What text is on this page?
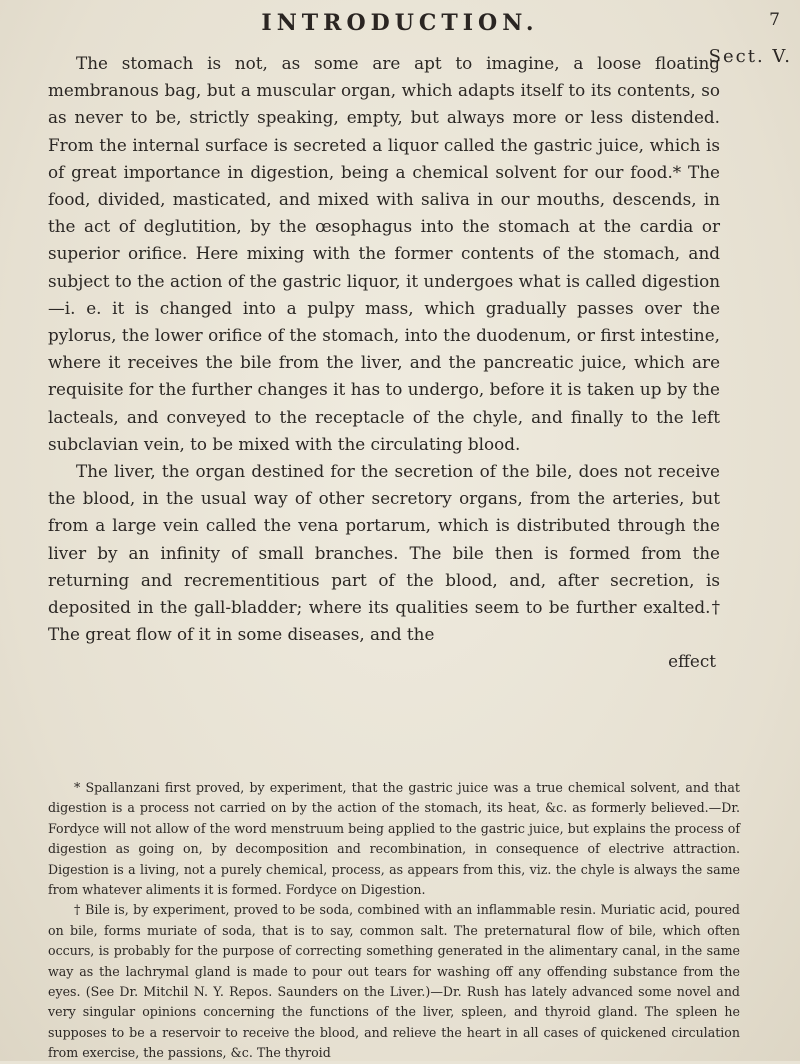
INTRODUCTION.	7
Sect. V.

The stomach is not, as some are apt to imagine, a loose floating membranous bag, but a muscular organ, which adapts itself to its contents, so as never to be, strictly speaking, empty, but always more or less distended. From the internal surface is secreted a liquor called the gastric juice, which is of great importance in digestion, being a chemical solvent for our food.* The food, divided, masticated, and mixed with saliva in our mouths, descends, in the act of deglutition, by the œsophagus into the stomach at the cardia or superior orifice. Here mixing with the former contents of the stomach, and subject to the action of the gastric liquor, it undergoes what is called digestion—i. e. it is changed into a pulpy mass, which gradually passes over the pylorus, the lower orifice of the stomach, into the duodenum, or first intestine, where it receives the bile from the liver, and the pancreatic juice, which are requisite for the further changes it has to undergo, before it is taken up by the lacteals, and conveyed to the receptacle of the chyle, and finally to the left subclavian vein, to be mixed with the circulating blood.

The liver, the organ destined for the secretion of the bile, does not receive the blood, in the usual way of other secretory organs, from the arteries, but from a large vein called the vena portarum, which is distributed through the liver by an infinity of small branches. The bile then is formed from the returning and recrementitious part of the blood, and, after secretion, is deposited in the gall-bladder; where its qualities seem to be further exalted.† The great flow of it in some diseases, and the

effect

* Spallanzani first proved, by experiment, that the gastric juice was a true chemical solvent, and that digestion is a process not carried on by the action of the stomach, its heat, &c. as formerly believed.—Dr. Fordyce will not allow of the word menstruum being applied to the gastric juice, but explains the process of digestion as going on, by decomposition and recombination, in consequence of electrive attraction. Digestion is a living, not a purely chemical, process, as appears from this, viz. the chyle is always the same from whatever aliments it is formed. Fordyce on Digestion.

† Bile is, by experiment, proved to be soda, combined with an inflammable resin. Muriatic acid, poured on bile, forms muriate of soda, that is to say, common salt. The preternatural flow of bile, which often occurs, is probably for the purpose of correcting something generated in the alimentary canal, in the same way as the lachrymal gland is made to pour out tears for washing off any offending substance from the eyes. (See Dr. Mitchil N. Y. Repos. Saunders on the Liver.)—Dr. Rush has lately advanced some novel and very singular opinions concerning the functions of the liver, spleen, and thyroid gland. The spleen he supposes to be a reservoir to receive the blood, and relieve the heart in all cases of quickened circulation from exercise, the passions, &c. The thyroid
